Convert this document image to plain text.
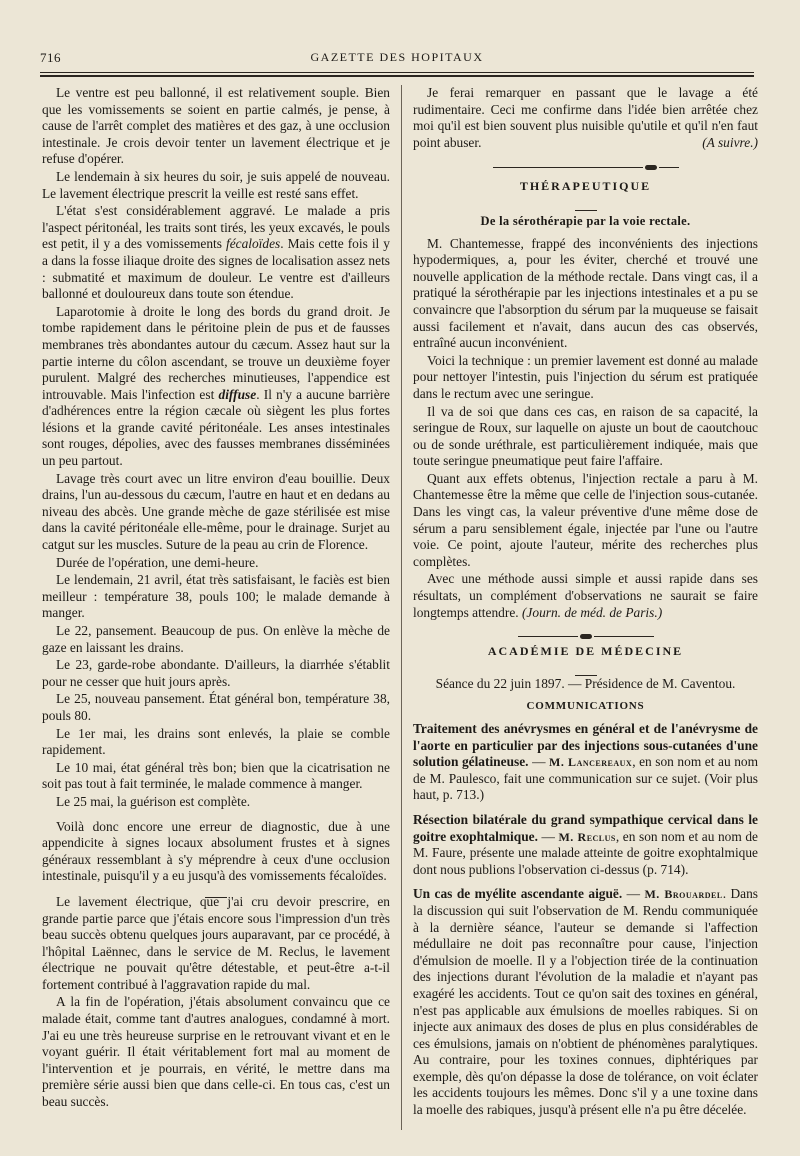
716	GAZETTE DES HOPITAUX

Le ventre est peu ballonné, il est relativement souple. Bien que les vomissements se soient en partie calmés, je pense, à cause de l'arrêt complet des matières et des gaz, à une occlusion intestinale. Je crois devoir tenter un lavement électrique et je refuse d'opérer.

Le lendemain à six heures du soir, je suis appelé de nouveau. Le lavement électrique prescrit la veille est resté sans effet.

L'état s'est considérablement aggravé. Le malade a pris l'aspect péritonéal, les traits sont tirés, les yeux excavés, le pouls est petit, il y a des vomissements fécaloïdes. Mais cette fois il y a dans la fosse iliaque droite des signes de localisation assez nets : submatité et maximum de douleur. Le ventre est d'ailleurs ballonné et douloureux dans toute son étendue.

Laparotomie à droite le long des bords du grand droit. Je tombe rapidement dans le péritoine plein de pus et de fausses membranes très abondantes autour du cæcum. Assez haut sur la partie interne du côlon ascendant, se trouve un deuxième foyer purulent. Malgré des recherches minutieuses, l'appendice est introuvable. Mais l'infection est diffuse. Il n'y a aucune barrière d'adhérences entre la région cæcale où siègent les plus fortes lésions et la grande cavité péritonéale. Les anses intestinales sont rouges, dépolies, avec des fausses membranes disséminées un peu partout.

Lavage très court avec un litre environ d'eau bouillie. Deux drains, l'un au-dessous du cæcum, l'autre en haut et en dedans au niveau des abcès. Une grande mèche de gaze stérilisée est mise dans la cavité péritonéale elle-même, pour le drainage. Surjet au catgut sur les muscles. Suture de la peau au crin de Florence.

Durée de l'opération, une demi-heure.

Le lendemain, 21 avril, état très satisfaisant, le faciès est bien meilleur : température 38, pouls 100; le malade demande à manger.

Le 22, pansement. Beaucoup de pus. On enlève la mèche de gaze en laissant les drains.

Le 23, garde-robe abondante. D'ailleurs, la diarrhée s'établit pour ne cesser que huit jours après.

Le 25, nouveau pansement. État général bon, température 38, pouls 80.

Le 1er mai, les drains sont enlevés, la plaie se comble rapidement.

Le 10 mai, état général très bon; bien que la cicatrisation ne soit pas tout à fait terminée, le malade commence à manger.

Le 25 mai, la guérison est complète.

Voilà donc encore une erreur de diagnostic, due à une appendicite à signes locaux absolument frustes et à signes généraux ressemblant à s'y méprendre à ceux d'une occlusion intestinale, puisqu'il y a eu jusqu'à des vomissements fécaloïdes.

Le lavement électrique, que j'ai cru devoir prescrire, en grande partie parce que j'étais encore sous l'impression d'un très beau succès obtenu quelques jours auparavant, par ce procédé, à l'hôpital Laënnec, dans le service de M. Reclus, le lavement électrique ne pouvait qu'être détestable, et peut-être a-t-il fortement contribué à l'aggravation rapide du mal.

A la fin de l'opération, j'étais absolument convaincu que ce malade était, comme tant d'autres analogues, condamné à mort. J'ai eu une très heureuse surprise en le retrouvant vivant et en le voyant guérir. Il était véritablement fort mal au moment de l'intervention et je pourrais, en vérité, le mettre dans ma première série aussi bien que dans celle-ci. En tous cas, c'est un beau succès.

Je ferai remarquer en passant que le lavage a été rudimentaire. Ceci me confirme dans l'idée bien arrêtée chez moi qu'il est bien souvent plus nuisible qu'utile et qu'il n'en faut point abuser.	(A suivre.)

THÉRAPEUTIQUE
De la sérothérapie par la voie rectale.

M. Chantemesse, frappé des inconvénients des injections hypodermiques, a, pour les éviter, cherché et trouvé une nouvelle application de la méthode rectale. Dans vingt cas, il a pratiqué la sérothérapie par les injections intestinales et a pu se convaincre que l'absorption du sérum par la muqueuse se faisait aussi facilement et n'avait, dans aucun des cas observés, entraîné aucun inconvénient.

Voici la technique : un premier lavement est donné au malade pour nettoyer l'intestin, puis l'injection du sérum est pratiquée dans le rectum avec une seringue.

Il va de soi que dans ces cas, en raison de sa capacité, la seringue de Roux, sur laquelle on ajuste un bout de caoutchouc ou de sonde uréthrale, est particulièrement indiquée, mais que toute seringue pneumatique peut faire l'affaire.

Quant aux effets obtenus, l'injection rectale a paru à M. Chantemesse être la même que celle de l'injection sous-cutanée. Dans les vingt cas, la valeur préventive d'une même dose de sérum a paru sensiblement égale, injectée par l'une ou l'autre voie. Ce point, ajoute l'auteur, mérite des recherches plus complètes.

Avec une méthode aussi simple et aussi rapide dans ses résultats, un complément d'observations ne saurait se faire longtemps attendre. (Journ. de méd. de Paris.)

ACADÉMIE DE MÉDECINE

Séance du 22 juin 1897. — Présidence de M. Caventou.

COMMUNICATIONS

Traitement des anévrysmes en général et de l'anévrysme de l'aorte en particulier par des injections sous-cutanées d'une solution gélatineuse. — M. Lancereaux, en son nom et au nom de M. Paulesco, fait une communication sur ce sujet. (Voir plus haut, p. 713.)

Résection bilatérale du grand sympathique cervical dans le goitre exophtalmique. — M. Reclus, en son nom et au nom de M. Faure, présente une malade atteinte de goitre exophtalmique dont nous publions l'observation ci-dessus (p. 714).

Un cas de myélite ascendante aiguë. — M. Brouardel. Dans la discussion qui suit l'observation de M. Rendu communiquée à la dernière séance, l'auteur se demande si l'affection médullaire ne doit pas reconnaître pour cause, l'injection d'émulsion de moelle. Il y a l'objection tirée de la continuation des injections durant l'évolution de la maladie et n'ayant pas exagéré les accidents. Tout ce qu'on sait des toxines en général, n'est pas applicable aux émulsions de moelles rabiques. Si on injecte aux animaux des doses de plus en plus considérables de ces émulsions, jamais on n'obtient de phénomènes paralytiques. Au contraire, pour les toxines connues, diphtériques par exemple, dès qu'on dépasse la dose de tolérance, on voit éclater les accidents toujours les mêmes. Donc s'il y a une toxine dans la moelle des rabiques, jusqu'à présent elle n'a pu être décelée.
